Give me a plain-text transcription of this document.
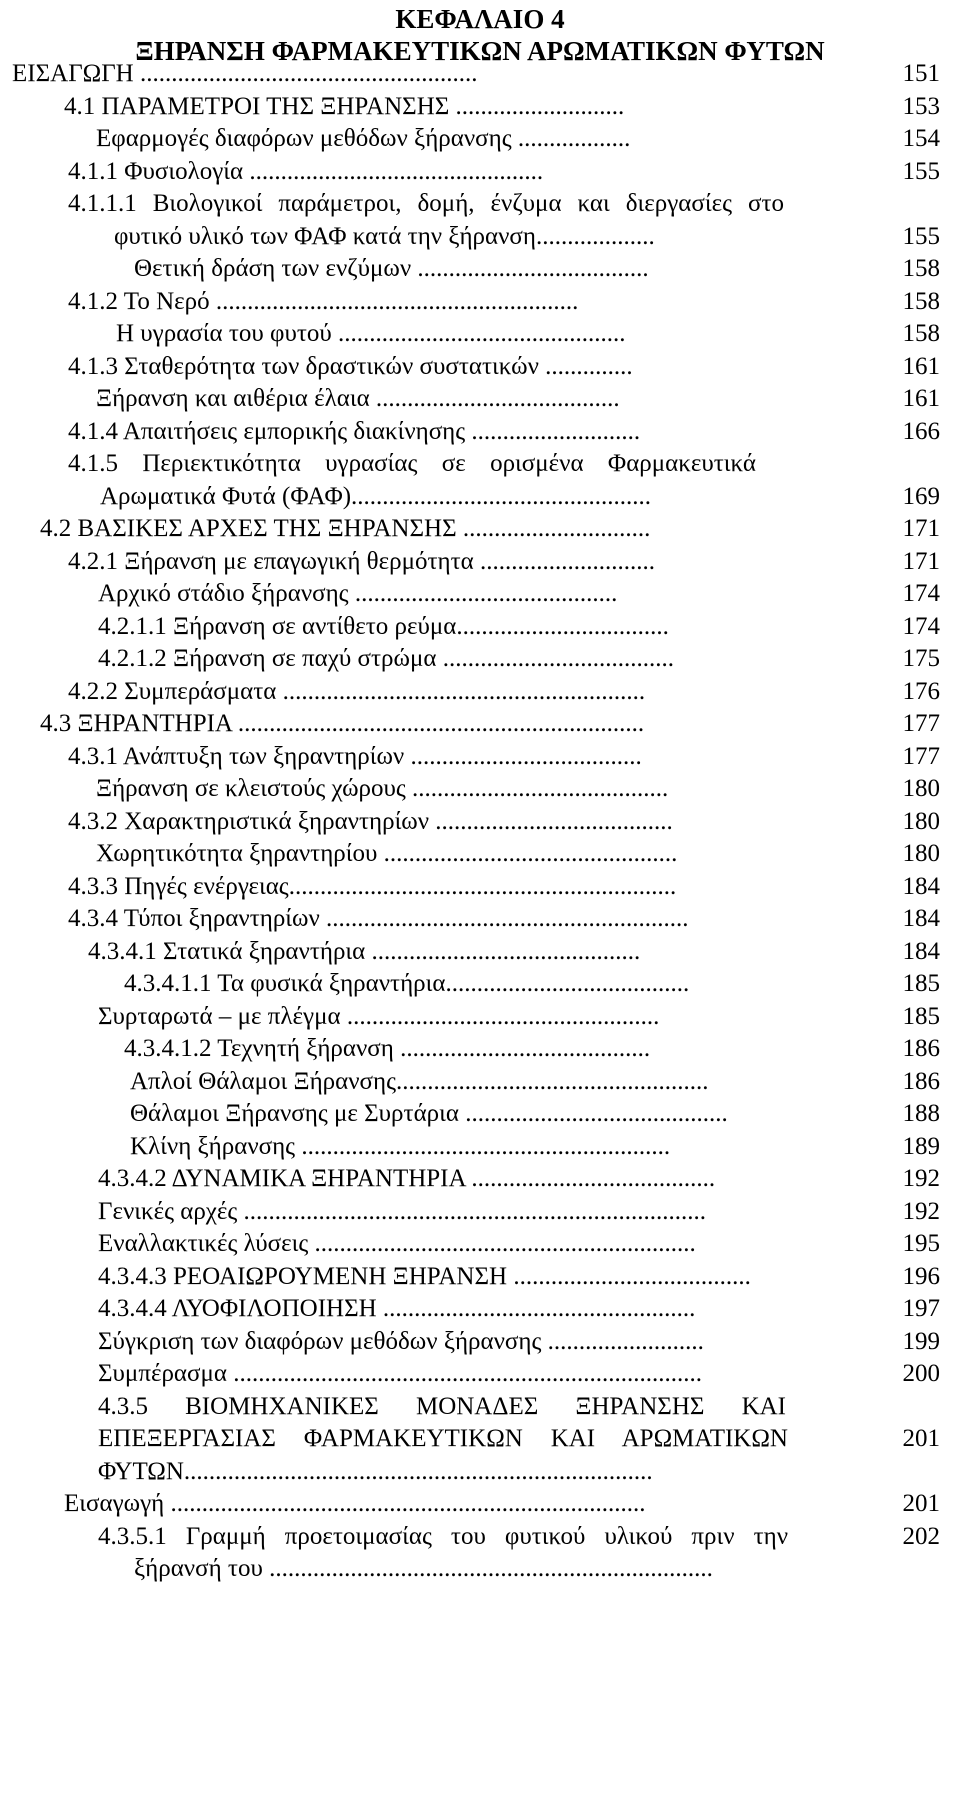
ΚΕΦΑΛΑΙΟ 4
ΞΗΡΑΝΣΗ ΦΑΡΜΑΚΕΥΤΙΚΩΝ ΑΡΩΜΑΤΙΚΩΝ ΦΥΤΩΝ
ΕΙΣΑΓΩΓΗ ......................................................	151
4.1 ΠΑΡΑΜΕΤΡΟΙ ΤΗΣ ΞΗΡΑΝΣΗΣ ...........................	153
Εφαρμογές διαφόρων μεθόδων ξήρανσης ..................	154
4.1.1 Φυσιολογία ...............................................	155
4.1.1.1 Βιολογικοί παράμετροι, δομή, ένζυμα και διεργασίες στο
φυτικό υλικό των ΦΑΦ κατά την ξήρανση...................	155
Θετική δράση των ενζύμων .....................................	158
4.1.2 Το Νερό ..........................................................	158
Η υγρασία του φυτού ..............................................	158
4.1.3 Σταθερότητα των δραστικών συστατικών ..............	161
Ξήρανση και αιθέρια έλαια .......................................	161
4.1.4 Απαιτήσεις εμπορικής διακίνησης ...........................	166
4.1.5 Περιεκτικότητα υγρασίας σε ορισμένα Φαρμακευτικά
Αρωματικά Φυτά (ΦΑΦ)................................................	169
4.2 ΒΑΣΙΚΕΣ ΑΡΧΕΣ ΤΗΣ ΞΗΡΑΝΣΗΣ ..............................	171
4.2.1 Ξήρανση με επαγωγική θερμότητα ............................	171
Αρχικό στάδιο ξήρανσης ..........................................	174
4.2.1.1 Ξήρανση σε αντίθετο ρεύμα..................................	174
4.2.1.2 Ξήρανση σε παχύ στρώμα .....................................	175
4.2.2 Συμπεράσματα ..........................................................	176
4.3 ΞΗΡΑΝΤΗΡΙΑ .................................................................	177
4.3.1 Ανάπτυξη των ξηραντηρίων .....................................	177
Ξήρανση σε κλειστούς χώρους .........................................	180
4.3.2 Χαρακτηριστικά ξηραντηρίων ......................................	180
Χωρητικότητα ξηραντηρίου ...............................................	180
4.3.3 Πηγές ενέργειας..............................................................	184
4.3.4 Τύποι ξηραντηρίων ..........................................................	184
4.3.4.1 Στατικά ξηραντήρια ...........................................	184
4.3.4.1.1 Τα φυσικά ξηραντήρια.......................................	185
Συρταρωτά – με πλέγμα ..................................................	185
4.3.4.1.2 Τεχνητή ξήρανση ........................................	186
Απλοί Θάλαμοι Ξήρανσης..................................................	186
Θάλαμοι Ξήρανσης με Συρτάρια ..........................................	188
Κλίνη ξήρανσης ...........................................................	189
4.3.4.2 ΔΥΝΑΜΙΚΑ ΞΗΡΑΝΤΗΡΙΑ .......................................	192
Γενικές αρχές ..........................................................................	192
Εναλλακτικές λύσεις .............................................................	195
4.3.4.3 ΡΕΟΑΙΩΡΟΥΜΕΝΗ ΞΗΡΑΝΣΗ ......................................	196
4.3.4.4 ΛΥΟΦΙΛΟΠΟΙΗΣΗ ..................................................	197
Σύγκριση των διαφόρων μεθόδων ξήρανσης .........................	199
Συμπέρασμα ...........................................................................	200
4.3.5 ΒΙΟΜΗΧΑΝΙΚΕΣ ΜΟΝΑΔΕΣ ΞΗΡΑΝΣΗΣ ΚΑΙ
ΕΠΕΞΕΡΓΑΣΙΑΣ ΦΑΡΜΑΚΕΥΤΙΚΩΝ ΚΑΙ ΑΡΩΜΑΤΙΚΩΝ	201
ΦΥΤΩΝ...........................................................................
Εισαγωγή ............................................................................	201
4.3.5.1 Γραμμή προετοιμασίας του φυτικού υλικού πριν την	202
ξήρανσή του .......................................................................
